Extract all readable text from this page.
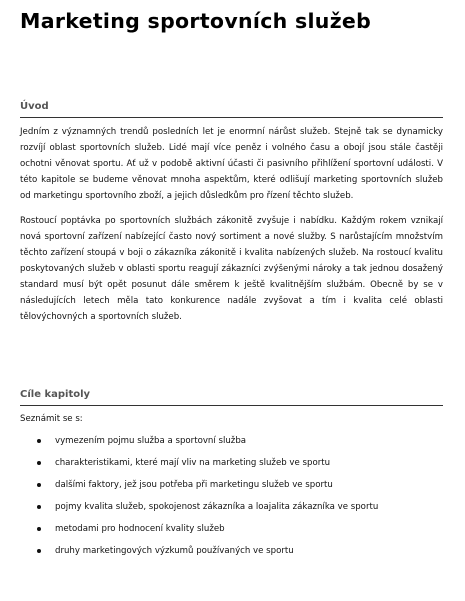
Marketing sportovních služeb
Úvod

Jedním z významných trendů posledních let je enormní nárůst služeb. Stejně tak se dynamicky rozvíjí oblast sportovních služeb. Lidé mají více peněz i volného času a obojí jsou stále častěji ochotni věnovat sportu. Ať už v podobě aktivní účasti či pasivního přihlížení sportovní události. V této kapitole se budeme věnovat mnoha aspektům, které odlišují marketing sportovních služeb od marketingu sportovního zboží, a jejich důsledkům pro řízení těchto služeb.

Rostoucí poptávka po sportovních službách zákonitě zvyšuje i nabídku. Každým rokem vznikají nová sportovní zařízení nabízející často nový sortiment a nové služby. S narůstajícím množstvím těchto zařízení stoupá v boji o zákazníka zákonitě i kvalita nabízených služeb. Na rostoucí kvalitu poskytovaných služeb v oblasti sportu reagují zákazníci zvýšenými nároky a tak jednou dosažený standard musí být opět posunut dále směrem k ještě kvalitnějším službám. Obecně by se v následujících letech měla tato konkurence nadále zvyšovat a tím i kvalita celé oblasti tělovýchovných a sportovních služeb.

Cíle kapitoly

Seznámit se s:

vymezením pojmu služba a sportovní služba
charakteristikami, které mají vliv na marketing služeb ve sportu
dalšími faktory, jež jsou potřeba při marketingu služeb ve sportu
pojmy kvalita služeb, spokojenost zákazníka a loajalita zákazníka ve sportu
metodami pro hodnocení kvality služeb
druhy marketingových výzkumů používaných ve sportu
